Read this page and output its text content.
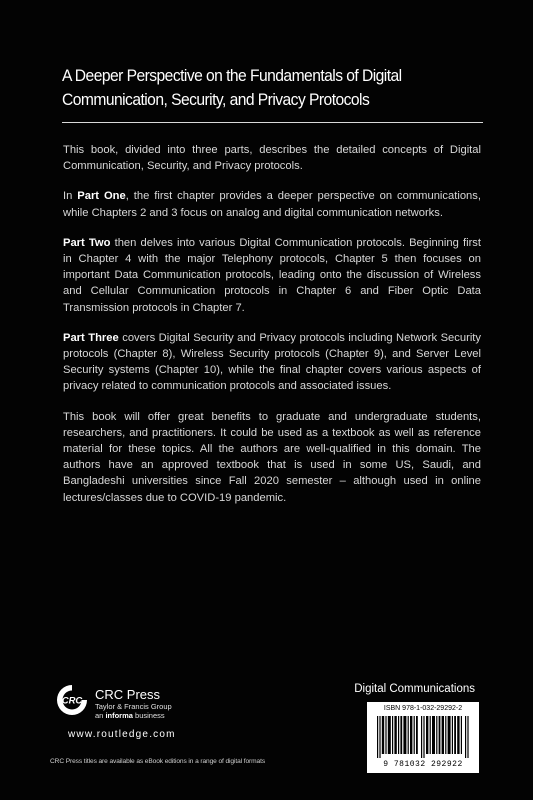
A Deeper Perspective on the Fundamentals of Digital Communication, Security, and Privacy Protocols

This book, divided into three parts, describes the detailed concepts of Digital Communication, Security, and Privacy protocols.

In Part One, the first chapter provides a deeper perspective on communications, while Chapters 2 and 3 focus on analog and digital communication networks.

Part Two then delves into various Digital Communication protocols. Beginning first in Chapter 4 with the major Telephony protocols, Chapter 5 then focuses on important Data Communication protocols, leading onto the discussion of Wireless and Cellular Communication protocols in Chapter 6 and Fiber Optic Data Transmission protocols in Chapter 7.

Part Three covers Digital Security and Privacy protocols including Network Security protocols (Chapter 8), Wireless Security protocols (Chapter 9), and Server Level Security systems (Chapter 10), while the final chapter covers various aspects of privacy related to communication protocols and associated issues.

This book will offer great benefits to graduate and undergraduate students, researchers, and practitioners. It could be used as a textbook as well as reference material for these topics. All the authors are well-qualified in this domain. The authors have an approved textbook that is used in some US, Saudi, and Bangladeshi universities since Fall 2020 semester – although used in online lectures/classes due to COVID-19 pandemic.

CRC CRC Press
Taylor & Francis Group
an informa business
www.routledge.com
CRC Press titles are available as eBook editions in a range of digital formats
Digital Communications
ISBN 978-1-032-29292-2
9 781032 292922
